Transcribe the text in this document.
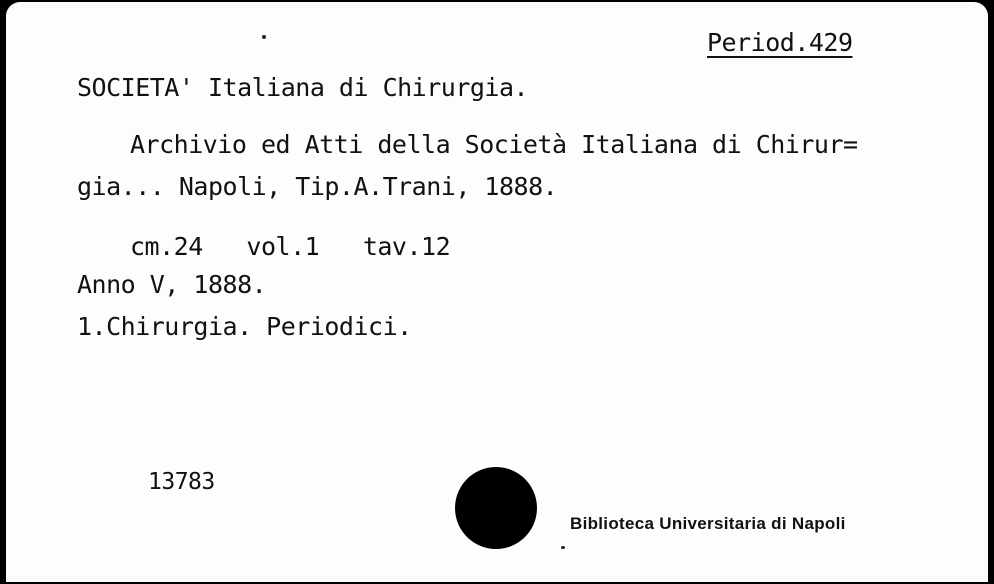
Period.429
SOCIETA' Italiana di Chirurgia.
Archivio ed Atti della Società Italiana di Chirur=
gia... Napoli, Tip.A.Trani, 1888.
cm.24   vol.1   tav.12
Anno V, 1888.
1.Chirurgia. Periodici.
13783
Biblioteca Universitaria di Napoli
